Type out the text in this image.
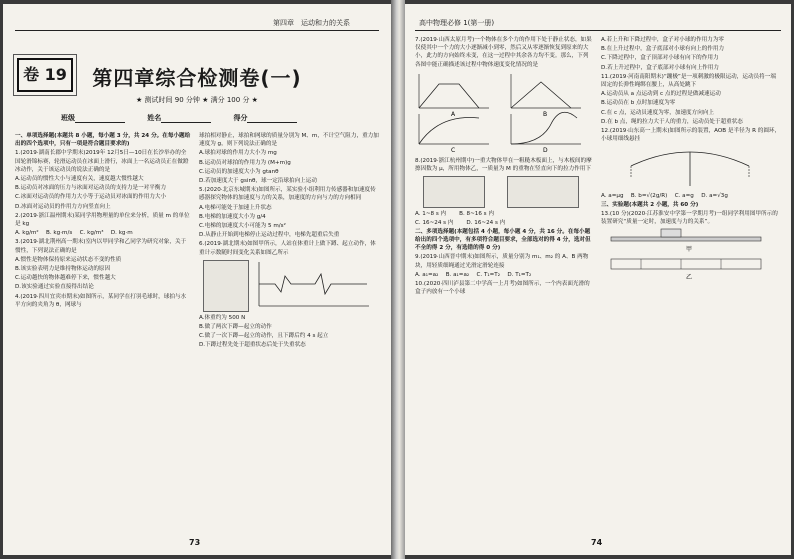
第四章　运动和力的关系
卷 19	第四章综合检测卷(一)
★ 测试时间 90 分钟 ★ 满分 100 分 ★
班级	姓名	得分

一、单项选择题(本题共 8 小题，每小题 3 分，共 24 分。在每小题给出的四个选项中，只有一项是符合题目要求的)

1.(2019·湖南长郡中学期末)2019年 12月5日—10日在长沙举办的全国轮滑锦标赛，轮滑运动员在冰面上滑行，冰面上一名运动员正在做蹬冰动作，关于该运动员的说法正确的是

A.运动员的惯性大小与速度有关，速度越大惯性越大

B.运动员对冰面的压力与冰面对运动员的支持力是一对平衡力

C.冰面对运动员的作用力大小等于运动员对冰面的作用力大小

D.冰面对运动员的作用力方向竖直向上

2.(2019·浙江温州期末)某同学用物理量的单位来分析，质量 m 的单位是 kg

A. kg/m²　 B. kg·m/s　 C. kg/m³　 D. kg·m

3.(2019·湖北荆州高一期末)室内以甲同学和乙同学为研究对象，关于惯性，下列说法正确的是

A.惯性是物体保持原来运动状态不变的性质

B.该实验表明力是维持物体运动的原因

C.运动越快的物体越难停下来，惯性越大

D.该实验通过实验直接得出结论

4.(2019·四川宜宾市期末)如图所示，某同学在打羽毛球时，球拍与水平方向的夹角为 θ，网球与

球拍相对静止，球拍和网球的质量分别为 M、m，不计空气阻力，重力加速度为 g，则下列说法正确的是

A.球拍对球的作用力大小为 mg

B.运动员对球拍的作用力为 (M+m)g

C.运动员的加速度大小为 gtanθ

D.若加速度大于 gsinθ，球一定沿球拍向上运动

5.(2020·北京东城期末)如图所示，某实验小组利用力传感器和加速度传感器探究物体的加速度与力的关系，加速度的方向与力的方向相同

A.电梯可能处于加速上升状态

B.电梯的加速度大小为 g/4

C.电梯的加速度大小可能为 5 m/s²

D.从静止开始到电梯停止运动过程中，电梯先超重后失重

6.(2019·湖北期末)如图甲所示，人站在体重计上做下蹲、起立动作，体重计示数随时间变化关系如图乙所示

A.体重约为 500 N

B.做了两次下蹲—起立的动作

C.做了一次下蹲—起立的动作，且下蹲后约 4 s 起立

D.下蹲过程先处于超重状态后处于失重状态

73
高中物理必修 1(第一册)

7.(2019·山西太原月考)一个物体在多个力的作用下处于静止状态，如果仅使其中一个力的大小逐渐减小到零，然后又从零逐渐恢复到原来的大小，此力的方向始终未变，在这一过程中其余各力均不变。那么，下列各图中能正确描述该过程中物体速度变化情况的是

A	B
C	D

8.(2019·浙江杭州期中)一重大物体甲在一粗糙木板面上，与木板间的摩擦因数为 μ，所用物体乙，一质量为 M 的重物在竖直向下的拉力作用下

A. 1~8 s 内　　 B. 8~16 s 内
C. 16~24 s 内　　 D. 16~24 s 内

二、多项选择题(本题包括 4 小题，每小题 4 分，共 16 分。在每小题给出的四个选项中，有多项符合题目要求，全部选对的得 4 分，选对但不全的得 2 分，有选错的得 0 分)

9.(2019·山西晋中期末)如图所示，质量分别为 m₁、m₂ 的 A、B 两物块，用轻质细绳通过光滑定滑轮连接

A. a₁=a₂　 B. a₁=a₂　 C. T₁=T₂　 D. T₁=T₂

10.(2020·四川泸县第二中学高一上月考)如图所示，一个内表面光滑的盒子内放有一个小球

A.若上升和下降过程中，盒子对小球的作用力为零

B.在上升过程中，盒子底部对小球有向上的作用力

C.下降过程中，盒子顶部对小球有向下的作用力

D.若上升过程中，盒子底部对小球有向上作用力

11.(2019·河南南阳期末)“蹦极”是一项刺激的极限运动，运动员将一端固定的长弹性绳绑在腰上，从高处跳下

A.运动员从 a 点运动到 c 点的过程是做减速运动

B.运动员在 b 点时加速度为零

C.在 c 点，运动员速度为零，加速度方向向上

D.在 b 点，绳的拉力大于人的重力，运动员处于超重状态

12.(2019·山东高一上期末)如图所示的装置，AOB 是半径为 R 的圆环，小球用细线悬挂

A. a=μg　 B. b=√(2g/R)　 C. a=g　 D. a=√3g

三、实验题(本题共 2 小题，共 60 分)

13.(10 分)(2020·江苏淮安中学第一学期月考)一组同学利用图甲所示的装置研究“质量一定时，加速度与力的关系”。

甲
乙
74
